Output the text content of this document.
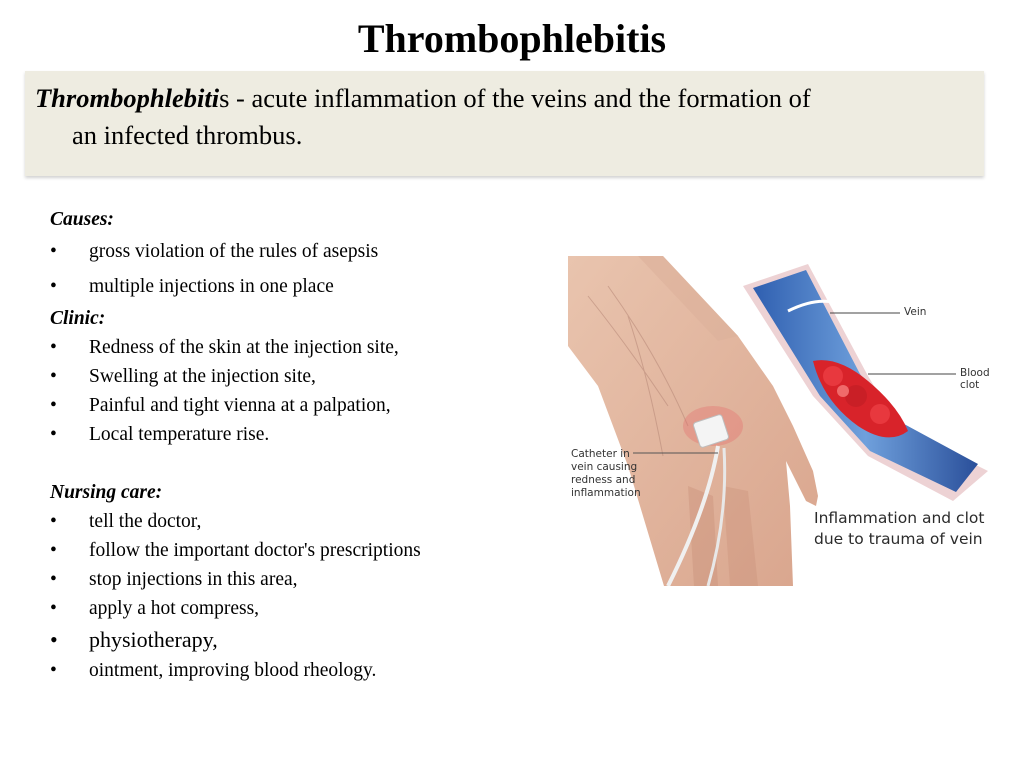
Thrombophlebitis
Thrombophlebitis - acute inflammation of the veins and the formation of
an infected thrombus.
Causes:
• gross violation of the rules of asepsis
• multiple injections in one place
Clinic:
• Redness of the skin at the injection site,
• Swelling at the injection site,
• Painful and tight vienna at a palpation,
• Local temperature rise.
Nursing care:
• tell the doctor,
• follow the important doctor's prescriptions
• stop injections in this area,
• apply a hot compress,
• physiotherapy,
• ointment, improving blood rheology.
Vein
Blood clot
Catheter in vein causing redness and inflammation
Inflammation and clot
due to trauma of vein
